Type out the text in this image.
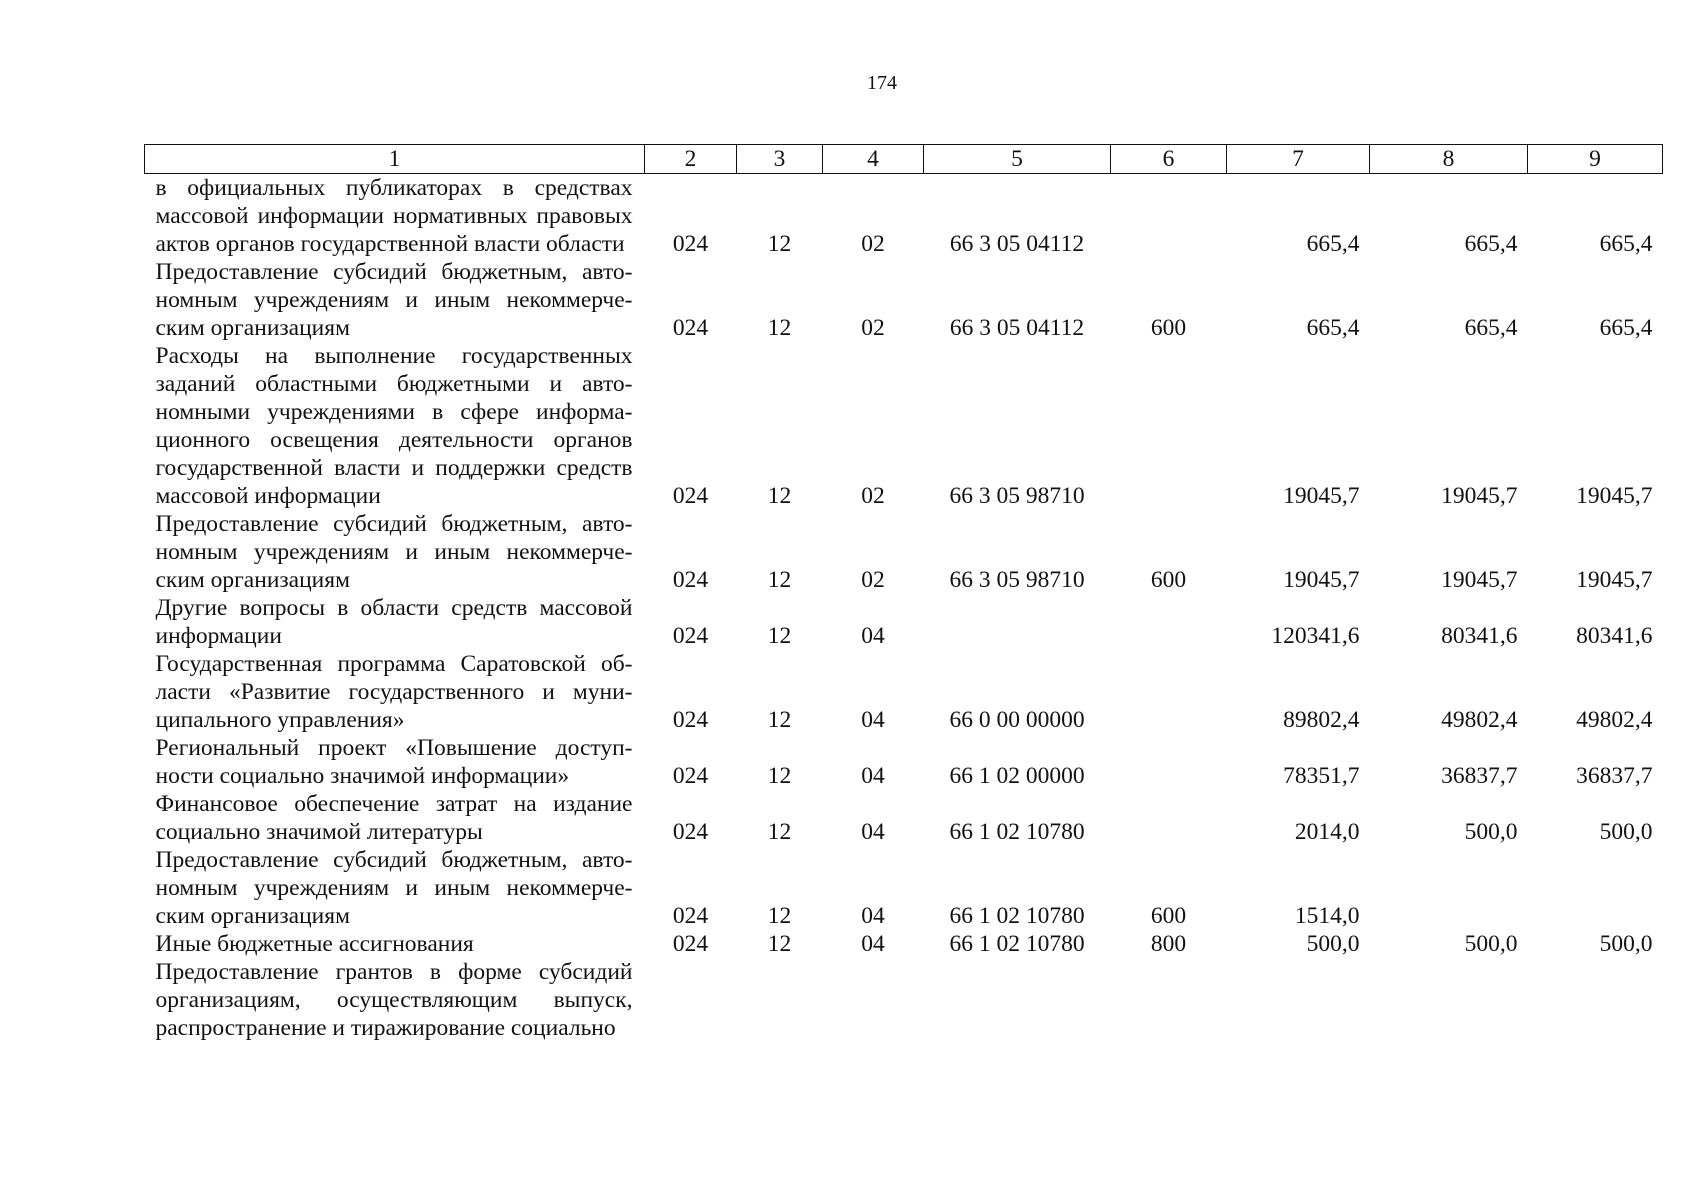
174
1	2	3	4	5	6	7	8	9
в официальных публикаторах в средствах массовой информации нормативных правовых актов органов государственной власти области	024	12	02	66 3 05 04112		665,4	665,4	665,4
Предоставление субсидий бюджетным, автономным учреждениям и иным некоммерческим организациям	024	12	02	66 3 05 04112	600	665,4	665,4	665,4
Расходы на выполнение государственных заданий областными бюджетными и автономными учреждениями в сфере информационного освещения деятельности органов государственной власти и поддержки средств массовой информации	024	12	02	66 3 05 98710		19045,7	19045,7	19045,7
Предоставление субсидий бюджетным, автономным учреждениям и иным некоммерческим организациям	024	12	02	66 3 05 98710	600	19045,7	19045,7	19045,7
Другие вопросы в области средств массовой информации	024	12	04			120341,6	80341,6	80341,6
Государственная программа Саратовской области «Развитие государственного и муниципального управления»	024	12	04	66 0 00 00000		89802,4	49802,4	49802,4
Региональный проект «Повышение доступности социально значимой информации»	024	12	04	66 1 02 00000		78351,7	36837,7	36837,7
Финансовое обеспечение затрат на издание социально значимой литературы	024	12	04	66 1 02 10780		2014,0	500,0	500,0
Предоставление субсидий бюджетным, автономным учреждениям и иным некоммерческим организациям	024	12	04	66 1 02 10780	600	1514,0		
Иные бюджетные ассигнования	024	12	04	66 1 02 10780	800	500,0	500,0	500,0
Предоставление грантов в форме субсидий организациям, осуществляющим выпуск, распространение и тиражирование социально								
